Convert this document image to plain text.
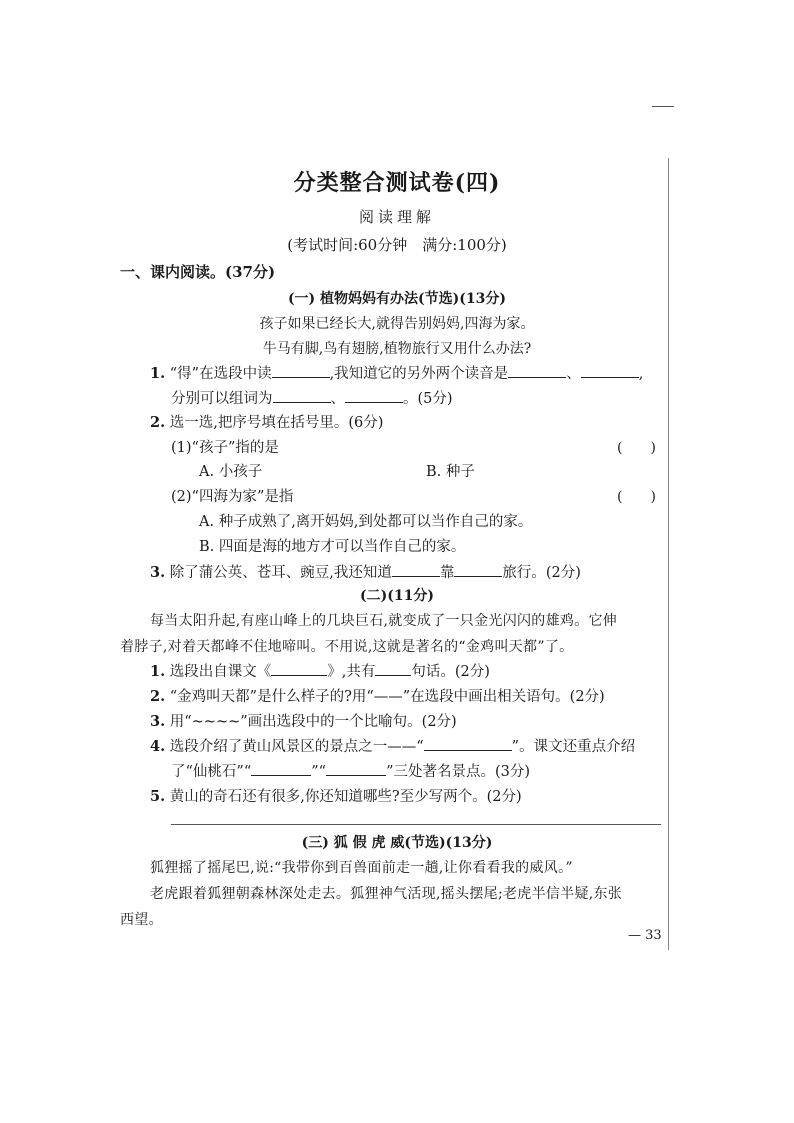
分类整合测试卷(四)
阅读理解
(考试时间:60分钟　满分:100分)
一、课内阅读。(37分)
(一) 植物妈妈有办法(节选)(13分)
孩子如果已经长大,就得告别妈妈,四海为家。
牛马有脚,鸟有翅膀,植物旅行又用什么办法?
1. “得”在选段中读	,我知道它的另外两个读音是	、	,
分别可以组词为	、	。(5分)
2. 选一选,把序号填在括号里。(6分)
(1)“孩子”指的是	(　　)
A. 小孩子	B. 种子
(2)“四海为家”是指	(　　)
A. 种子成熟了,离开妈妈,到处都可以当作自己的家。
B. 四面是海的地方才可以当作自己的家。
3. 除了蒲公英、苍耳、豌豆,我还知道	靠	旅行。(2分)
(二)(11分)
每当太阳升起,有座山峰上的几块巨石,就变成了一只金光闪闪的雄鸡。它伸
着脖子,对着天都峰不住地啼叫。不用说,这就是著名的“金鸡叫天都”了。
1. 选段出自课文《	》,共有 句话。(2分)
2. “金鸡叫天都”是什么样子的?用“——”在选段中画出相关语句。(2分)
3. 用“~~~~”画出选段中的一个比喻句。(2分)
4. 选段介绍了黄山风景区的景点之一——“	”。课文还重点介绍
了“仙桃石”“	”“	”三处著名景点。(3分)
5. 黄山的奇石还有很多,你还知道哪些?至少写两个。(2分)
(三) 狐 假 虎 威(节选)(13分)
狐狸摇了摇尾巴,说:“我带你到百兽面前走一趟,让你看看我的威风。”
老虎跟着狐狸朝森林深处走去。狐狸神气活现,摇头摆尾;老虎半信半疑,东张
西望。
— 33
